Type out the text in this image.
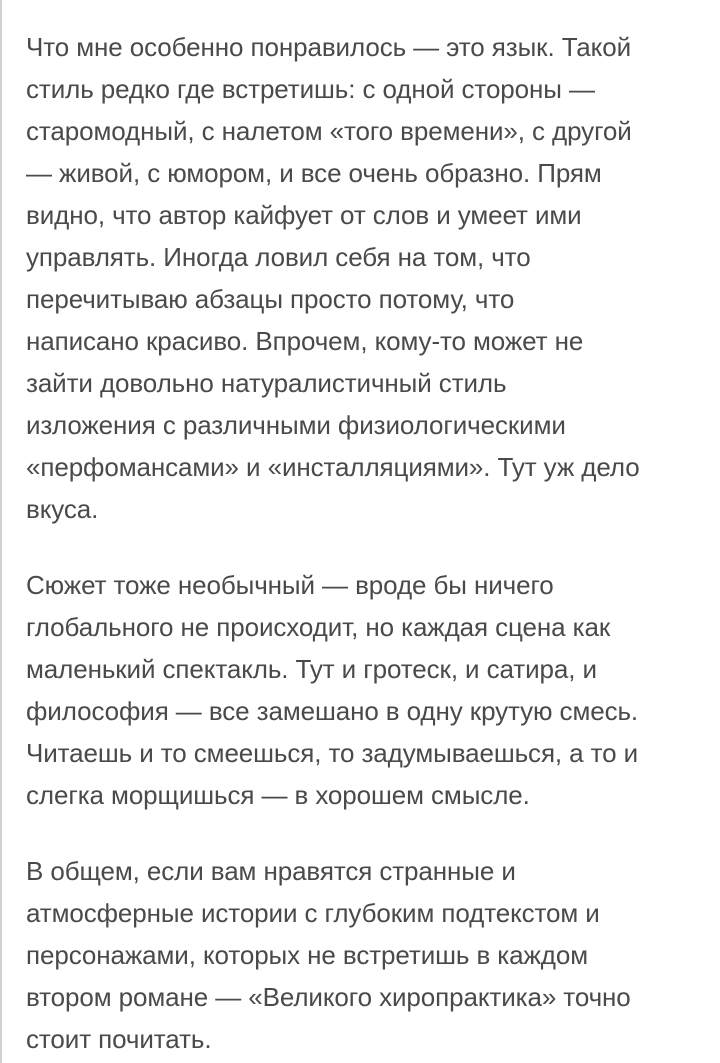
Что мне особенно понравилось — это язык. Такой
стиль редко где встретишь: с одной стороны —
старомодный, с налетом «того времени», с другой
— живой, с юмором, и все очень образно. Прям
видно, что автор кайфует от слов и умеет ими
управлять. Иногда ловил себя на том, что
перечитываю абзацы просто потому, что
написано красиво. Впрочем, кому-то может не
зайти довольно натуралистичный стиль
изложения с различными физиологическими
«перфомансами» и «инсталляциями». Тут уж дело
вкуса.

Сюжет тоже необычный — вроде бы ничего
глобального не происходит, но каждая сцена как
маленький спектакль. Тут и гротеск, и сатира, и
философия — все замешано в одну крутую смесь.
Читаешь и то смеешься, то задумываешься, а то и
слегка морщишься — в хорошем смысле.

В общем, если вам нравятся странные и
атмосферные истории с глубоким подтекстом и
персонажами, которых не встретишь в каждом
втором романе — «Великого хиропрактика» точно
стоит почитать.
